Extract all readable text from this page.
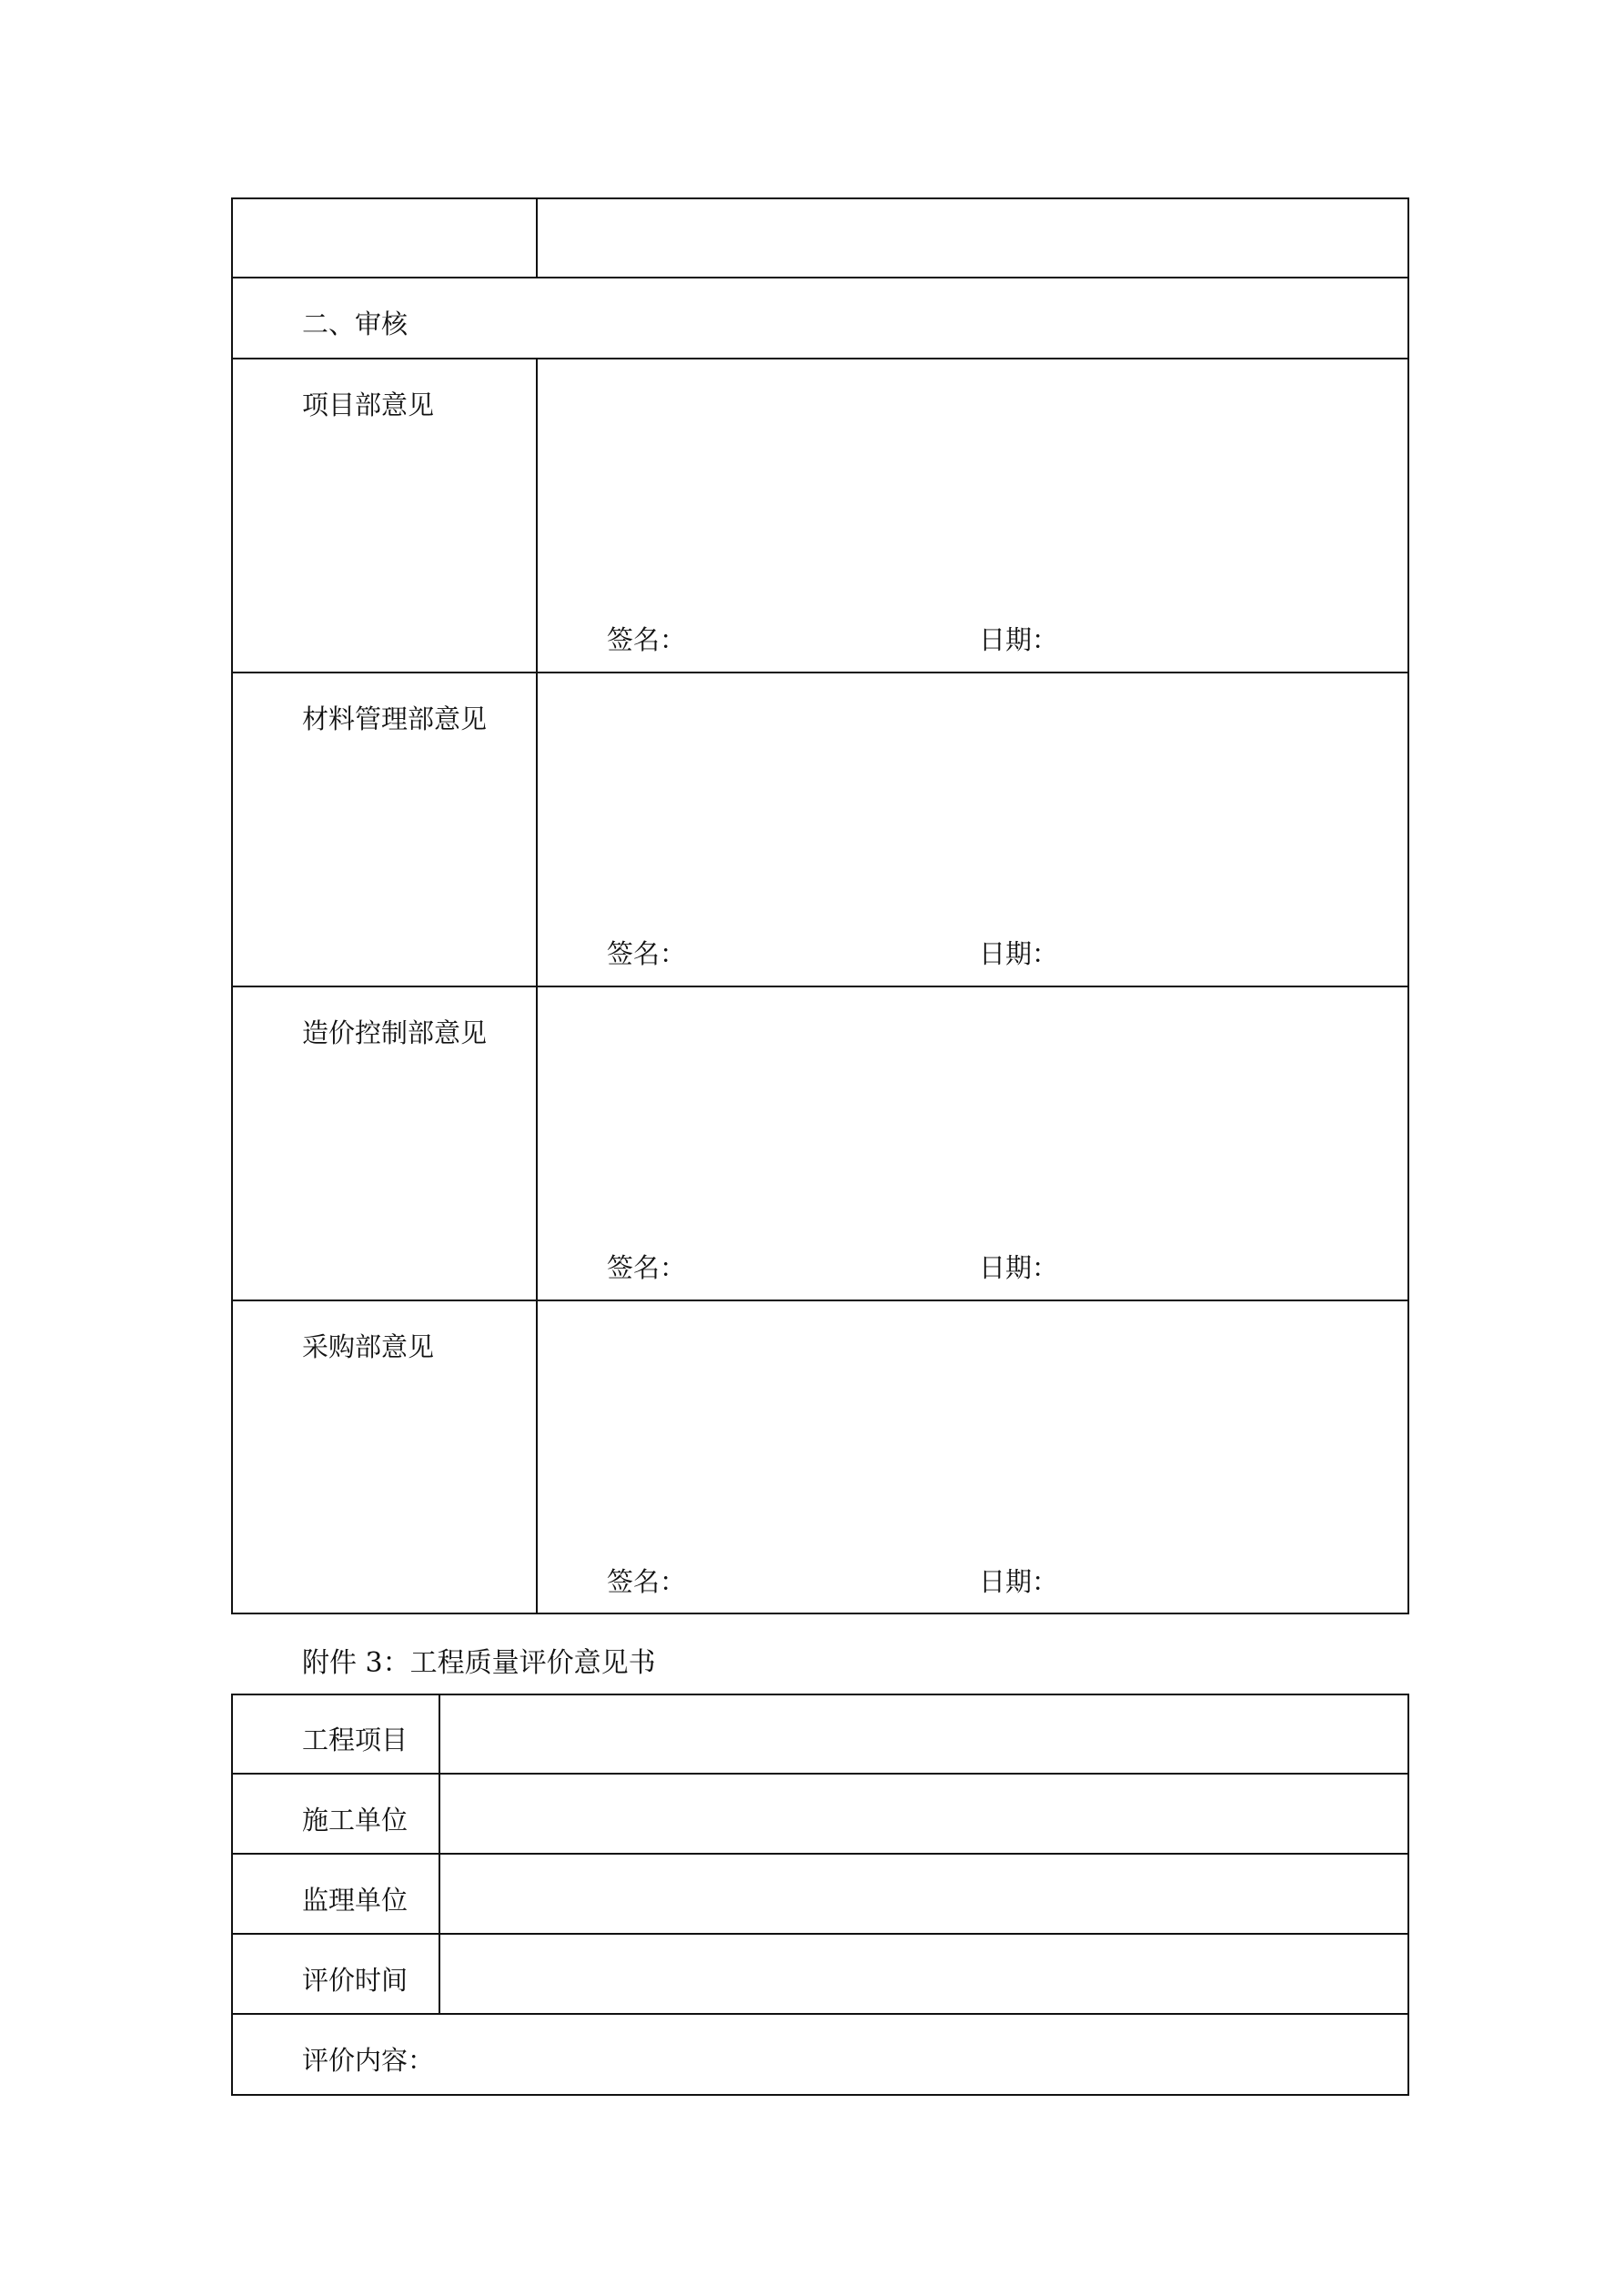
二、审核
项目部意见
签名：	日期：
材料管理部意见
签名：	日期：
造价控制部意见
签名：	日期：
采购部意见
签名：	日期：
附件 3：工程质量评价意见书
工程项目
施工单位
监理单位
评价时间
评价内容：
